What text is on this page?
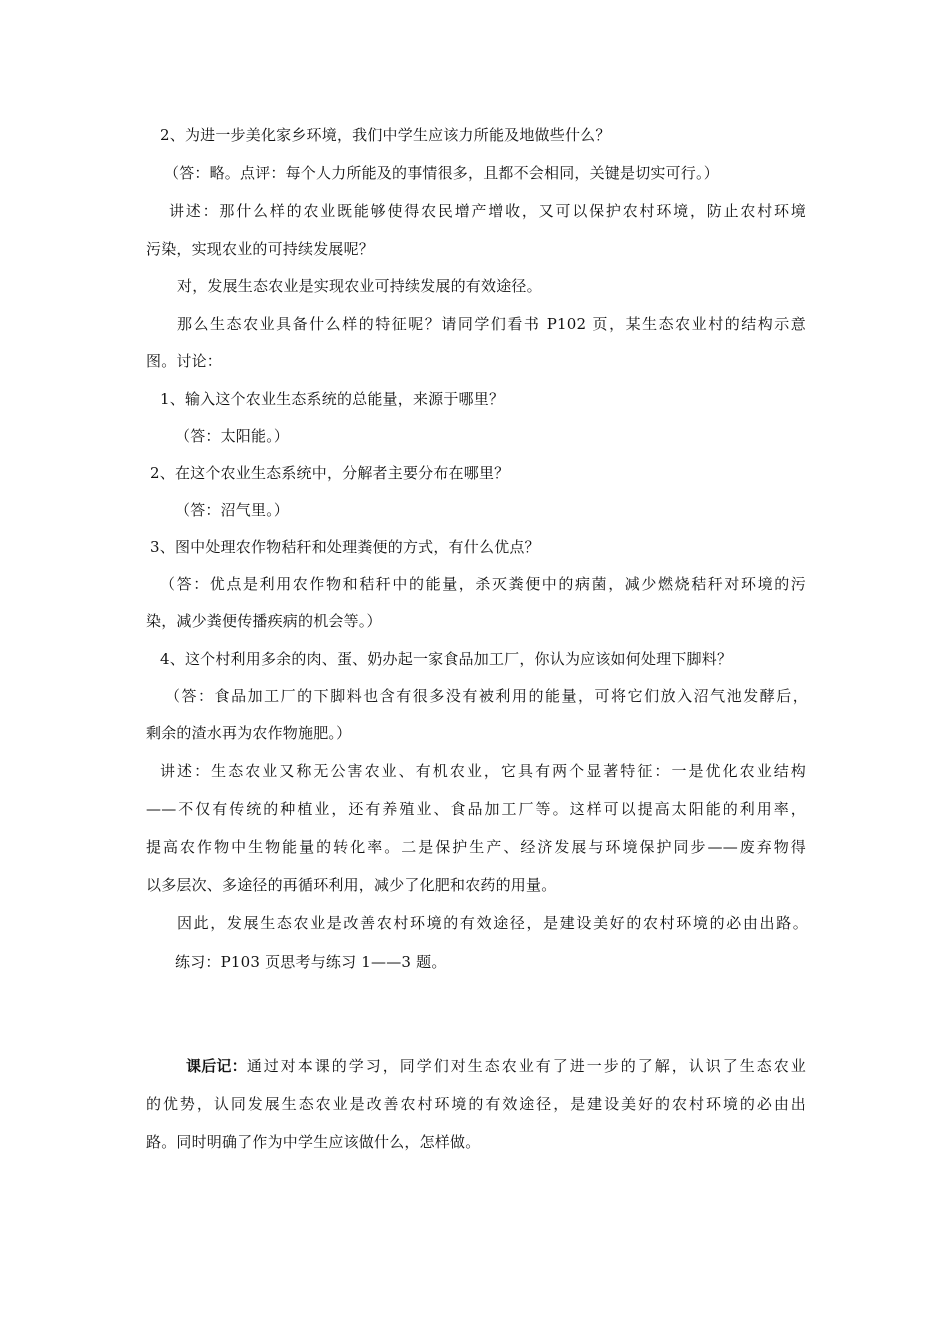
2、为进一步美化家乡环境，我们中学生应该力所能及地做些什么？
（答：略。点评：每个人力所能及的事情很多，且都不会相同，关键是切实可行。）
讲述：那什么样的农业既能够使得农民增产增收，又可以保护农村环境，防止农村环境
污染，实现农业的可持续发展呢？
对，发展生态农业是实现农业可持续发展的有效途径。
那么生态农业具备什么样的特征呢？请同学们看书 P102 页，某生态农业村的结构示意
图。讨论：
1、输入这个农业生态系统的总能量，来源于哪里？
（答：太阳能。）
2、在这个农业生态系统中，分解者主要分布在哪里？
（答：沼气里。）
3、图中处理农作物秸秆和处理粪便的方式，有什么优点？
（答：优点是利用农作物和秸秆中的能量，杀灭粪便中的病菌，减少燃烧秸秆对环境的污
染，减少粪便传播疾病的机会等。）
4、这个村利用多余的肉、蛋、奶办起一家食品加工厂，你认为应该如何处理下脚料？
（答：食品加工厂的下脚料也含有很多没有被利用的能量，可将它们放入沼气池发酵后，
剩余的渣水再为农作物施肥。）
讲述：生态农业又称无公害农业、有机农业，它具有两个显著特征：一是优化农业结构
——不仅有传统的种植业，还有养殖业、食品加工厂等。这样可以提高太阳能的利用率，
提高农作物中生物能量的转化率。二是保护生产、经济发展与环境保护同步——废弃物得
以多层次、多途径的再循环利用，减少了化肥和农药的用量。
因此，发展生态农业是改善农村环境的有效途径，是建设美好的农村环境的必由出路。
练习：P103 页思考与练习 1——3 题。
课后记： 通过对本课的学习，同学们对生态农业有了进一步的了解，认识了生态农业
的优势，认同发展生态农业是改善农村环境的有效途径，是建设美好的农村环境的必由出
路。同时明确了作为中学生应该做什么，怎样做。
